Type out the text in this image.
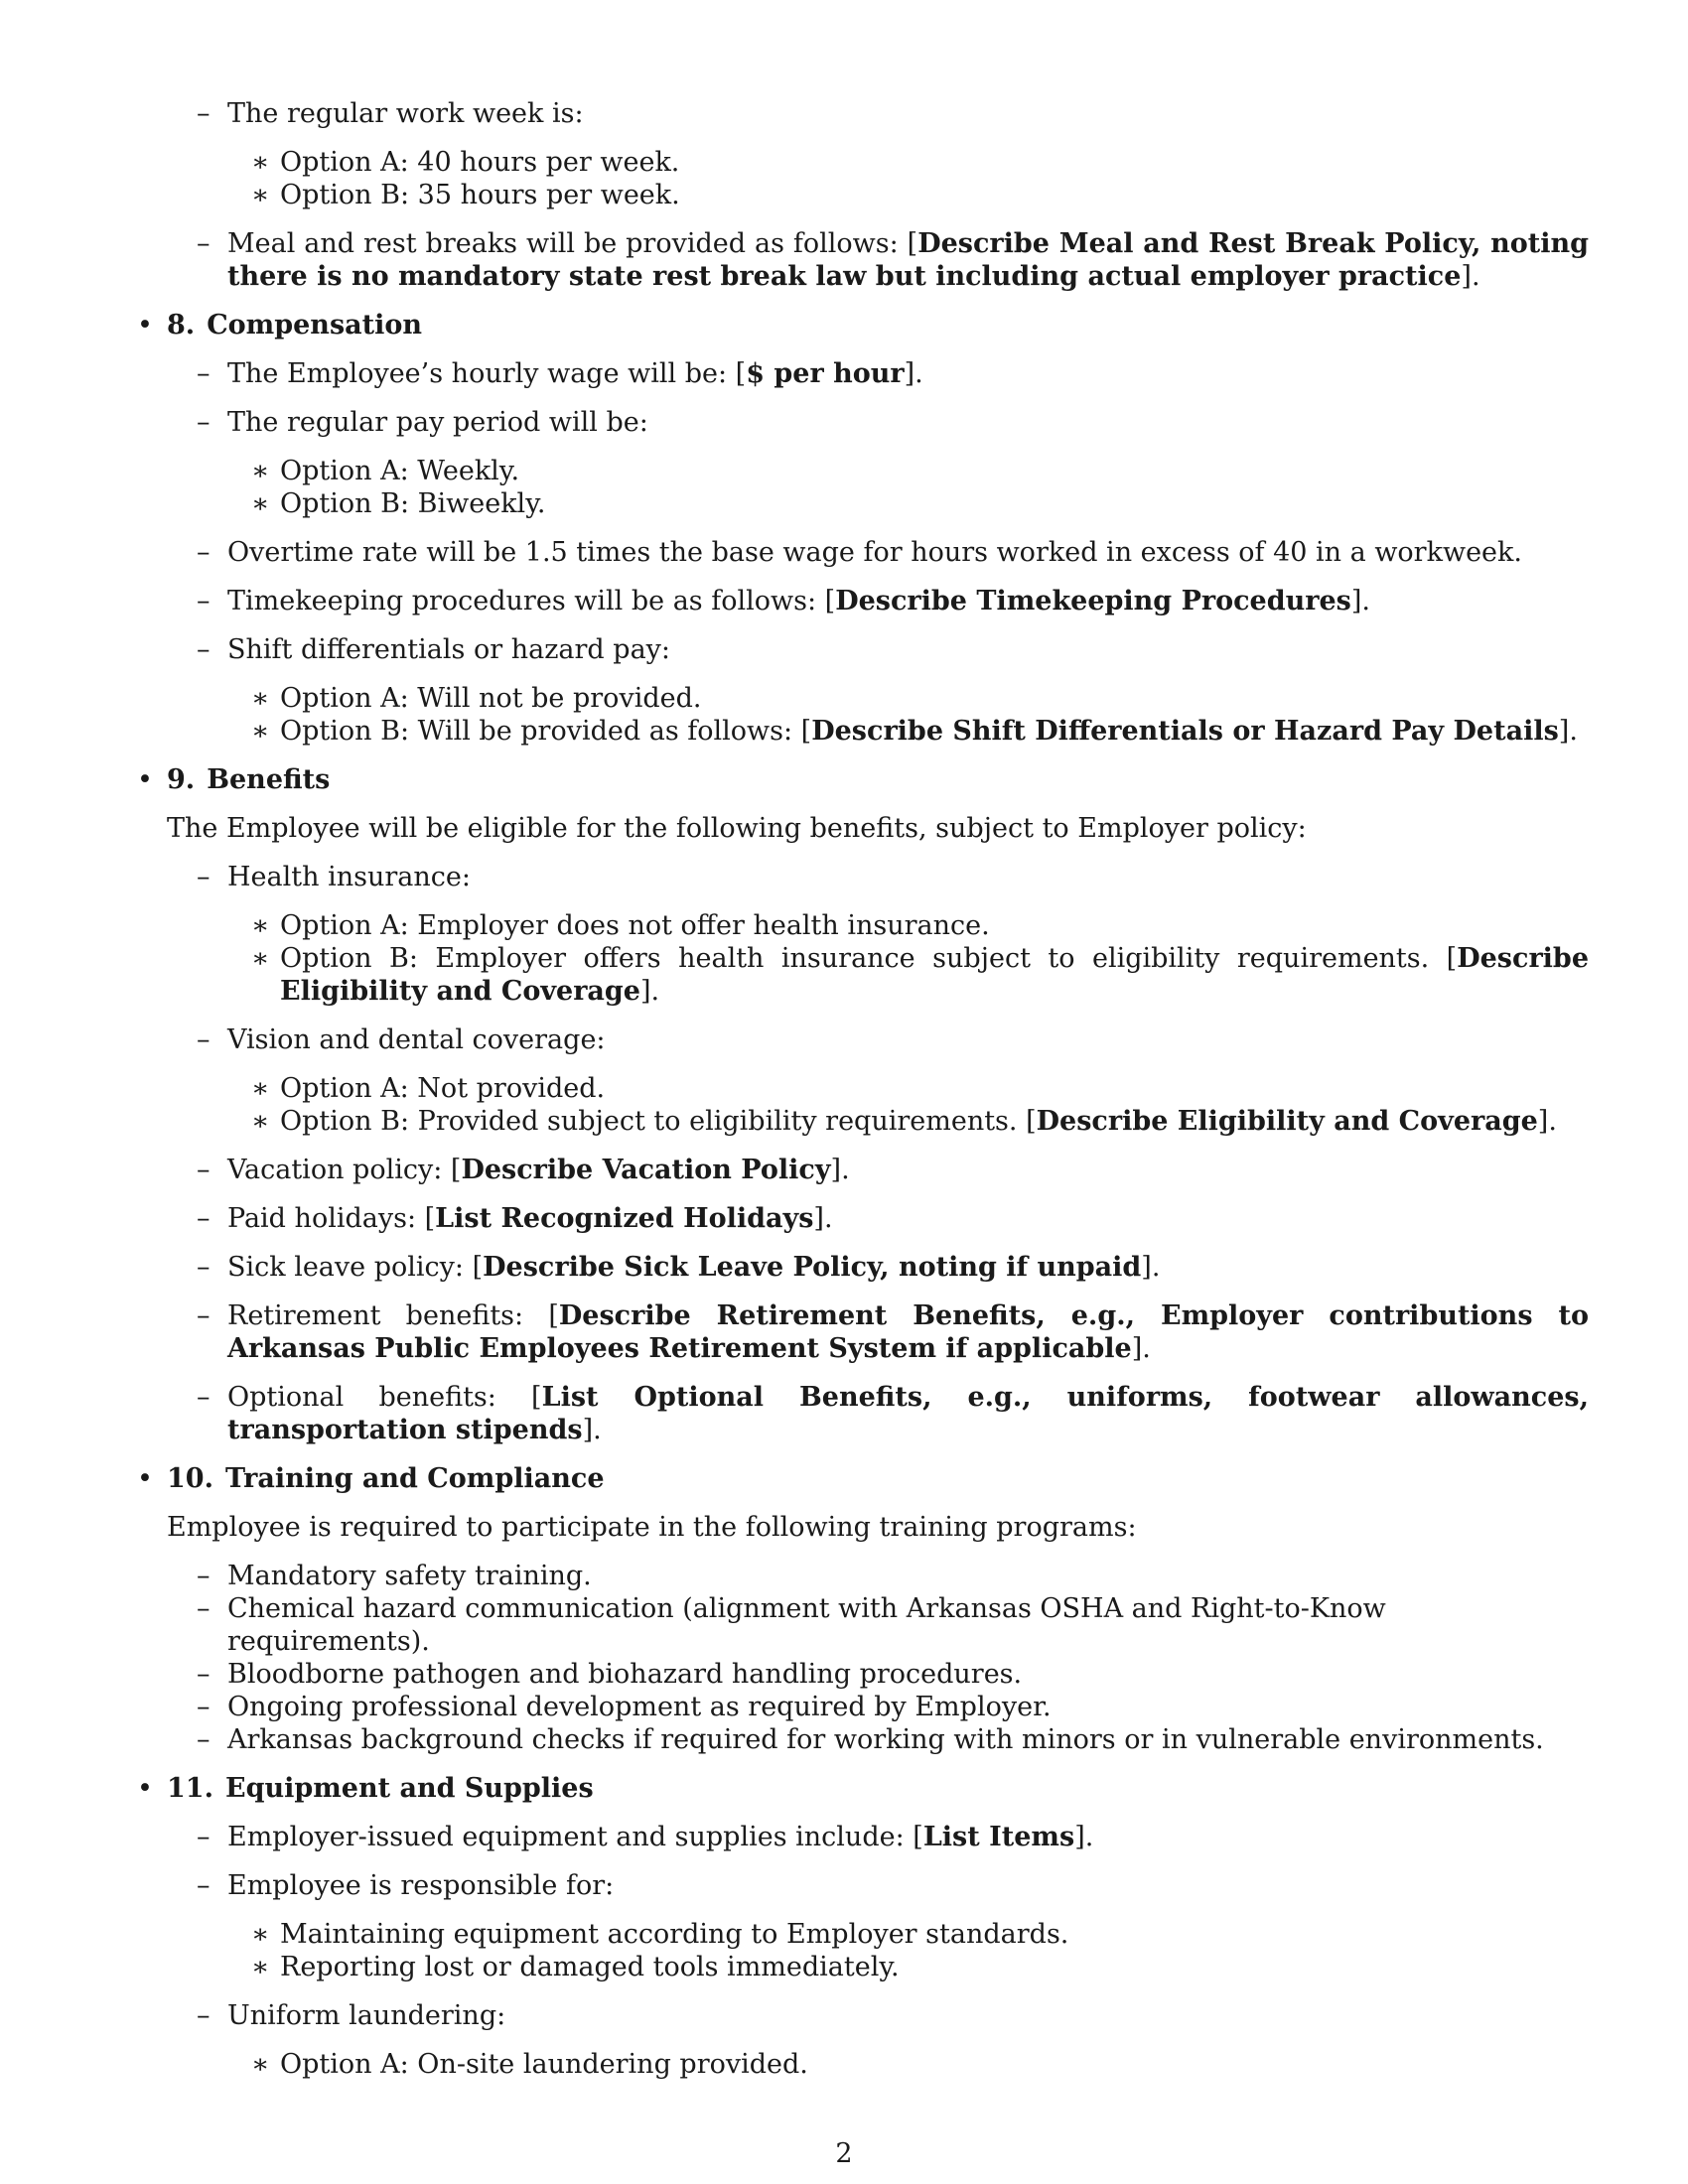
– The regular work week is:

∗ Option A: 40 hours per week.

∗ Option B: 35 hours per week.

– Meal and rest breaks will be provided as follows: [Describe Meal and Rest Break Policy, noting there is no mandatory state rest break law but including actual employer practice].

• 8. Compensation

– The Employee’s hourly wage will be: [$ per hour].

– The regular pay period will be:

∗ Option A: Weekly.

∗ Option B: Biweekly.

– Overtime rate will be 1.5 times the base wage for hours worked in excess of 40 in a workweek.

– Timekeeping procedures will be as follows: [Describe Timekeeping Procedures].

– Shift differentials or hazard pay:

∗ Option A: Will not be provided.

∗ Option B: Will be provided as follows: [Describe Shift Differentials or Hazard Pay Details].

• 9. Benefits

The Employee will be eligible for the following benefits, subject to Employer policy:

– Health insurance:

∗ Option A: Employer does not offer health insurance.

∗ Option B: Employer offers health insurance subject to eligibility requirements. [Describe Eligibility and Coverage].

– Vision and dental coverage:

∗ Option A: Not provided.

∗ Option B: Provided subject to eligibility requirements. [Describe Eligibility and Coverage].

– Vacation policy: [Describe Vacation Policy].

– Paid holidays: [List Recognized Holidays].

– Sick leave policy: [Describe Sick Leave Policy, noting if unpaid].

– Retirement benefits: [Describe Retirement Benefits, e.g., Employer contributions to Arkansas Public Employees Retirement System if applicable].

– Optional benefits: [List Optional Benefits, e.g., uniforms, footwear allowances, transportation stipends].

• 10. Training and Compliance

Employee is required to participate in the following training programs:

– Mandatory safety training.

– Chemical hazard communication (alignment with Arkansas OSHA and Right-to-Know requirements).

– Bloodborne pathogen and biohazard handling procedures.

– Ongoing professional development as required by Employer.

– Arkansas background checks if required for working with minors or in vulnerable environments.

• 11. Equipment and Supplies

– Employer-issued equipment and supplies include: [List Items].

– Employee is responsible for:

∗ Maintaining equipment according to Employer standards.

∗ Reporting lost or damaged tools immediately.

– Uniform laundering:

∗ Option A: On-site laundering provided.

2
